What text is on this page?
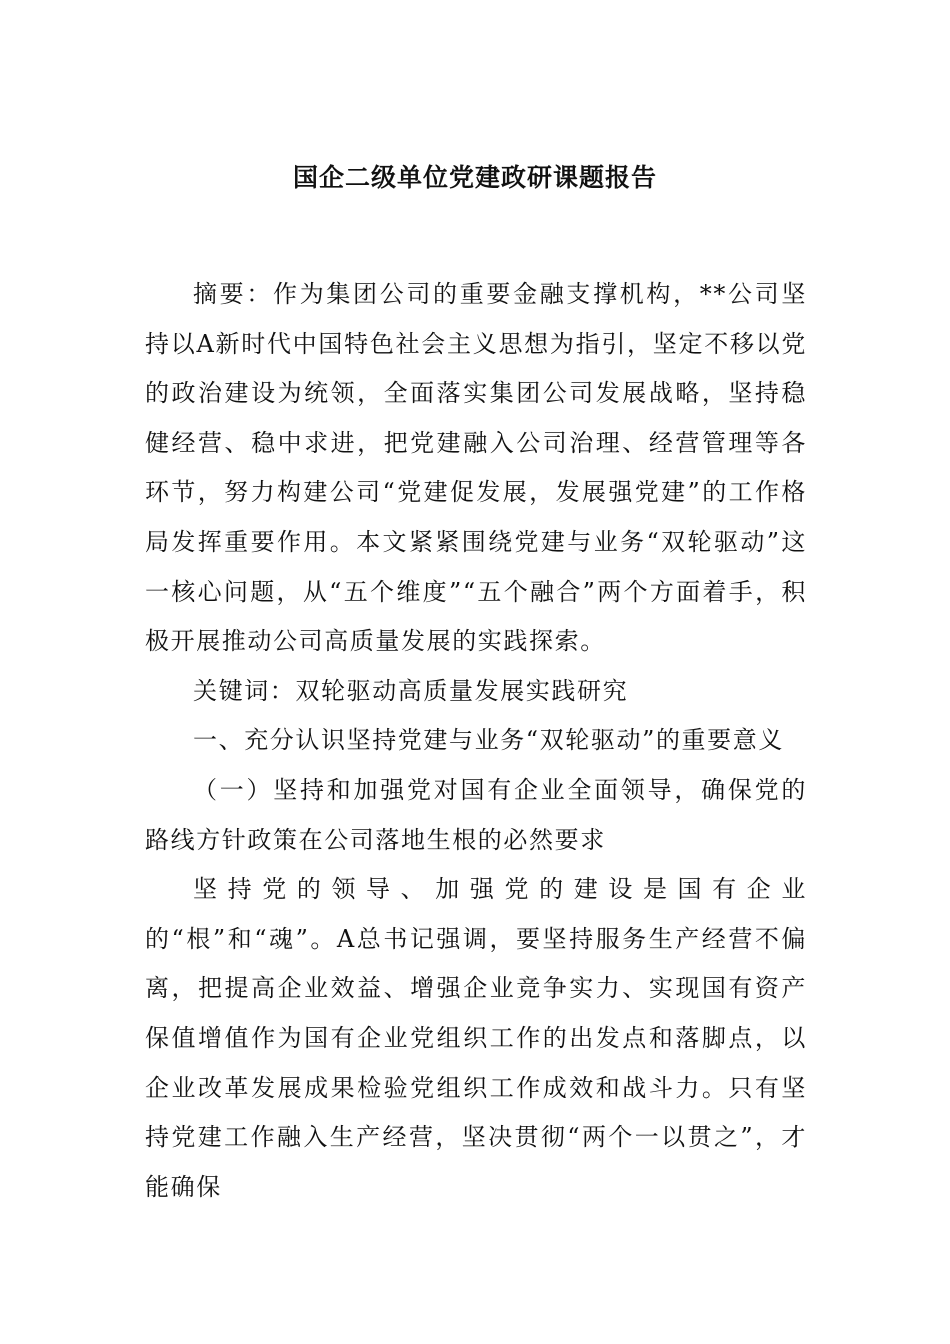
国企二级单位党建政研课题报告

摘要：作为集团公司的重要金融支撑机构，**公司坚持以A新时代中国特色社会主义思想为指引，坚定不移以党的政治建设为统领，全面落实集团公司发展战略，坚持稳健经营、稳中求进，把党建融入公司治理、经营管理等各环节，努力构建公司“党建促发展，发展强党建”的工作格局发挥重要作用。本文紧紧围绕党建与业务“双轮驱动”这一核心问题，从“五个维度”“五个融合”两个方面着手，积极开展推动公司高质量发展的实践探索。

关键词：双轮驱动高质量发展实践研究

一、充分认识坚持党建与业务“双轮驱动”的重要意义

（一）坚持和加强党对国有企业全面领导，确保党的路线方针政策在公司落地生根的必然要求

坚持党的领导、加强党的建设是国有企业的“根”和“魂”。A总书记强调，要坚持服务生产经营不偏离，把提高企业效益、增强企业竞争实力、实现国有资产保值增值作为国有企业党组织工作的出发点和落脚点，以企业改革发展成果检验党组织工作成效和战斗力。只有坚持党建工作融入生产经营，坚决贯彻“两个一以贯之”，才能确保
